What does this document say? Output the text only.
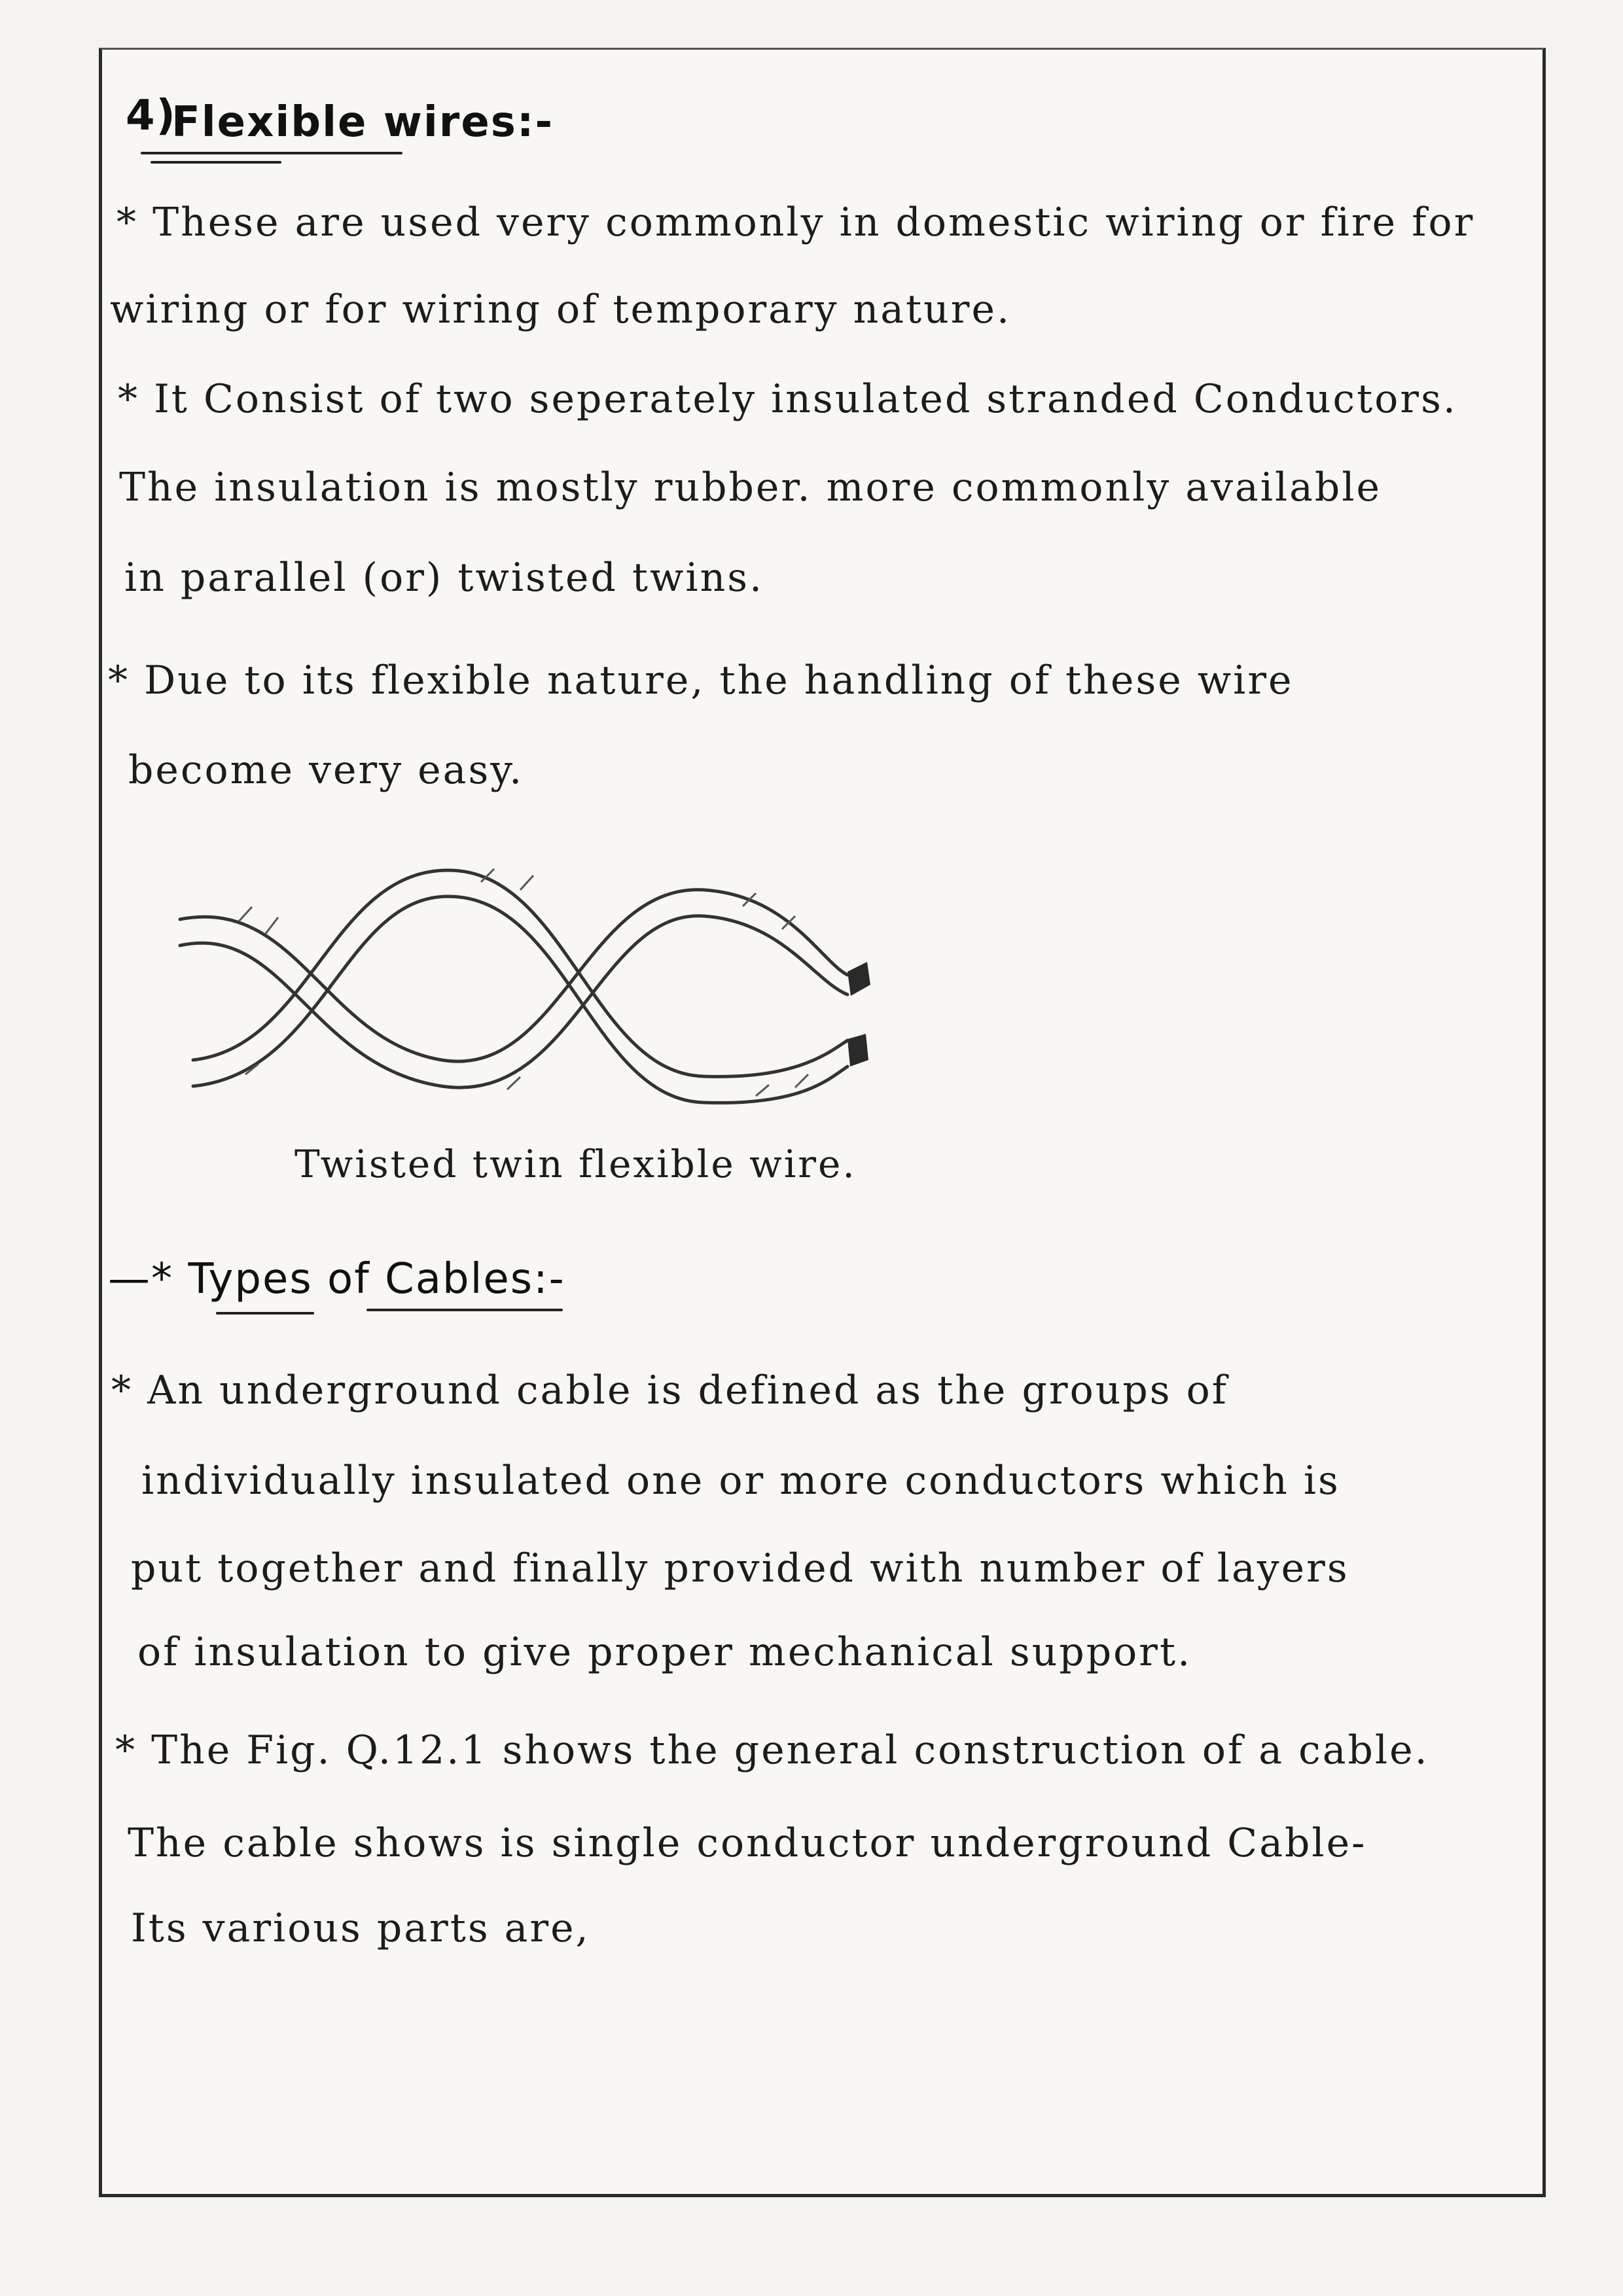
4)
Flexible wires:-
* These are used very commonly in domestic wiring or fire for
wiring or for wiring of temporary nature.
* It Consist of two seperately insulated stranded Conductors.
The insulation is mostly rubber. more commonly available
in parallel (or) twisted twins.
* Due to its flexible nature, the handling of these wire
become very easy.
Twisted twin flexible wire.
—* Types of Cables:-
* An underground cable is defined as the groups of
individually insulated one or more conductors which is
put together and finally provided with number of layers
of insulation to give proper mechanical support.
* The Fig. Q.12.1 shows the general construction of a cable.
The cable shows is single conductor underground Cable-
Its various parts are,
